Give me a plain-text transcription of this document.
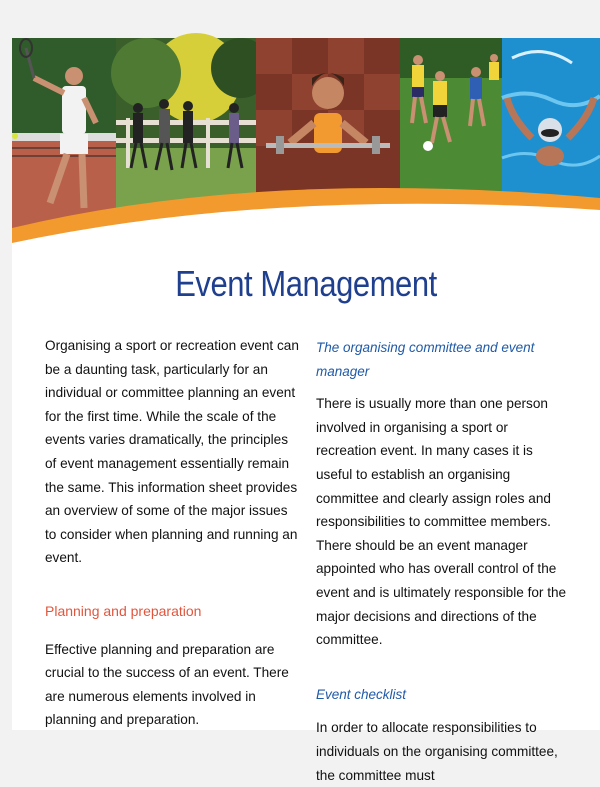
Event Management

Organising a sport or recreation event can be a daunting task, particularly for an individual or committee planning an event for the first time. While the scale of the events varies dramatically, the principles of event management essentially remain the same. This information sheet provides an overview of some of the major issues to consider when planning and running an event.

Planning and preparation

Effective planning and preparation are crucial to the success of an event. There are numerous elements involved in planning and preparation.

The organising committee and event manager

There is usually more than one person involved in organising a sport or recreation event. In many cases it is useful to establish an organising committee and clearly assign roles and responsibilities to committee members. There should be an event manager appointed who has overall control of the event and is ultimately responsible for the major decisions and directions of the committee.

Event checklist

In order to allocate responsibilities to individuals on the organising committee, the committee must
